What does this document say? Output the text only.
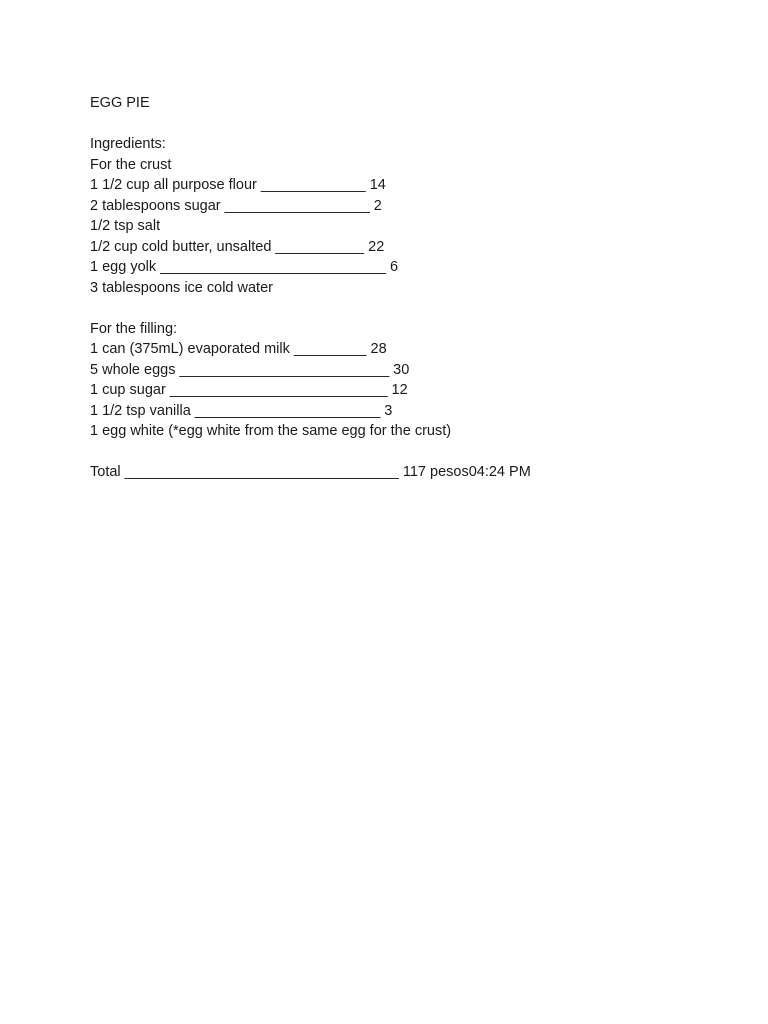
EGG PIE
Ingredients:
For the crust
1 1/2 cup all purpose flour _____________ 14
2 tablespoons sugar __________________ 2
1/2 tsp salt
1/2 cup cold butter, unsalted ___________ 22
1 egg yolk ____________________________ 6
3 tablespoons ice cold water
For the filling:
1 can (375mL) evaporated milk _________ 28
5 whole eggs __________________________ 30
1 cup sugar ___________________________ 12
1 1/2 tsp vanilla _______________________ 3
1 egg white (*egg white from the same egg for the crust)
Total __________________________________ 117 pesos04:24 PM
